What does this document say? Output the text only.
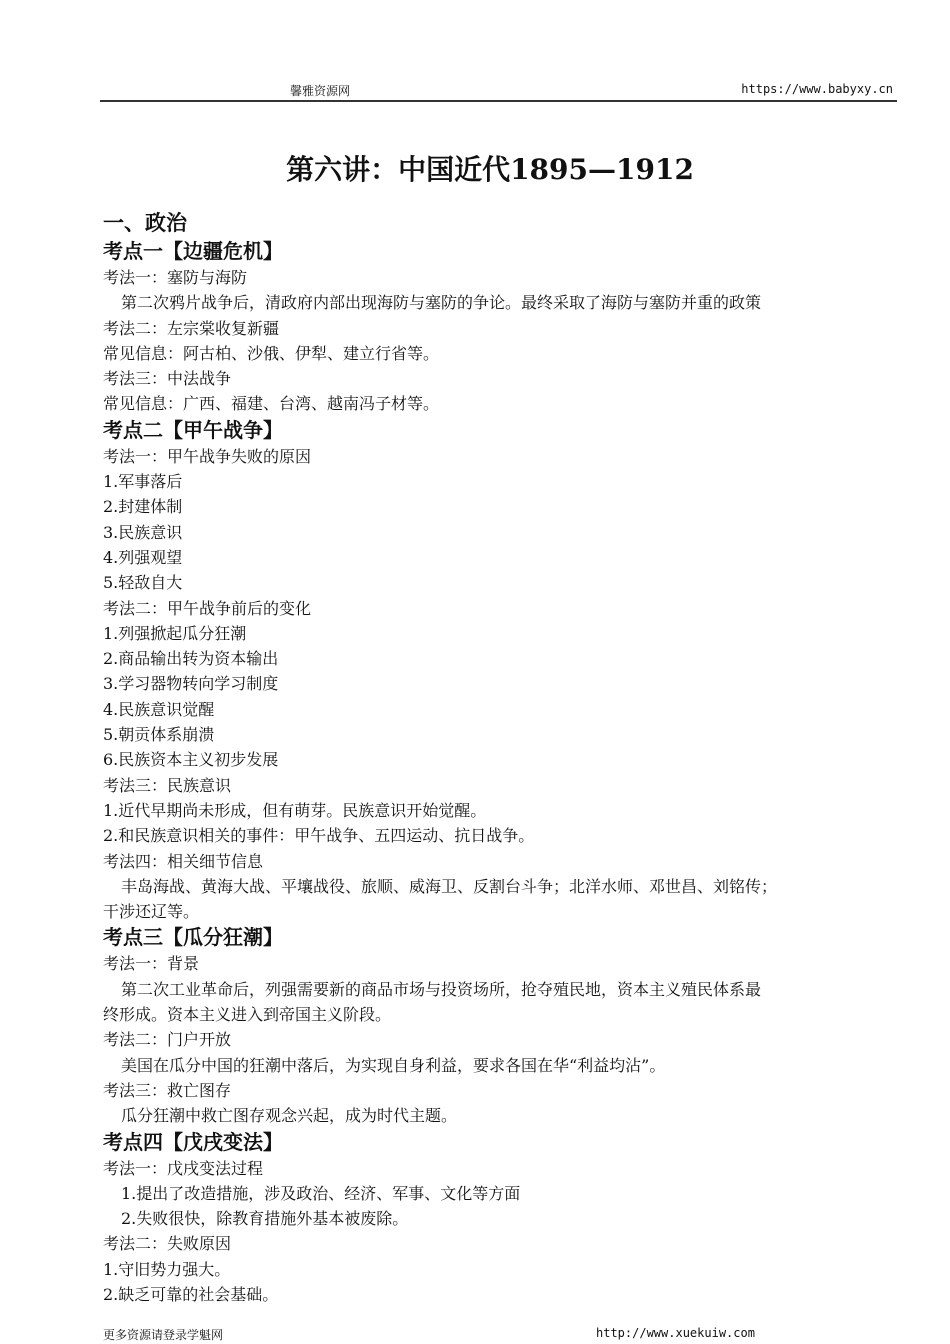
馨雅资源网	https://www.babyxy.cn
第六讲：中国近代1895—1912
一、政治
考点一【边疆危机】
考法一：塞防与海防
第二次鸦片战争后，清政府内部出现海防与塞防的争论。最终采取了海防与塞防并重的政策
考法二：左宗棠收复新疆
常见信息：阿古柏、沙俄、伊犁、建立行省等。
考法三：中法战争
常见信息：广西、福建、台湾、越南冯子材等。
考点二【甲午战争】
考法一：甲午战争失败的原因
1.军事落后
2.封建体制
3.民族意识
4.列强观望
5.轻敌自大
考法二：甲午战争前后的变化
1.列强掀起瓜分狂潮
2.商品输出转为资本输出
3.学习器物转向学习制度
4.民族意识觉醒
5.朝贡体系崩溃
6.民族资本主义初步发展
考法三：民族意识
1.近代早期尚未形成，但有萌芽。民族意识开始觉醒。
2.和民族意识相关的事件：甲午战争、五四运动、抗日战争。
考法四：相关细节信息
丰岛海战、黄海大战、平壤战役、旅顺、威海卫、反割台斗争；北洋水师、邓世昌、刘铭传；
干涉还辽等。
考点三【瓜分狂潮】
考法一：背景
第二次工业革命后，列强需要新的商品市场与投资场所，抢夺殖民地，资本主义殖民体系最
终形成。资本主义进入到帝国主义阶段。
考法二：门户开放
美国在瓜分中国的狂潮中落后，为实现自身利益，要求各国在华“利益均沾”。
考法三：救亡图存
瓜分狂潮中救亡图存观念兴起，成为时代主题。
考点四【戊戌变法】
考法一：戊戌变法过程
1.提出了改造措施，涉及政治、经济、军事、文化等方面
2.失败很快，除教育措施外基本被废除。
考法二：失败原因
1.守旧势力强大。
2.缺乏可靠的社会基础。
更多资源请登录学魁网	http://www.xuekuiw.com
